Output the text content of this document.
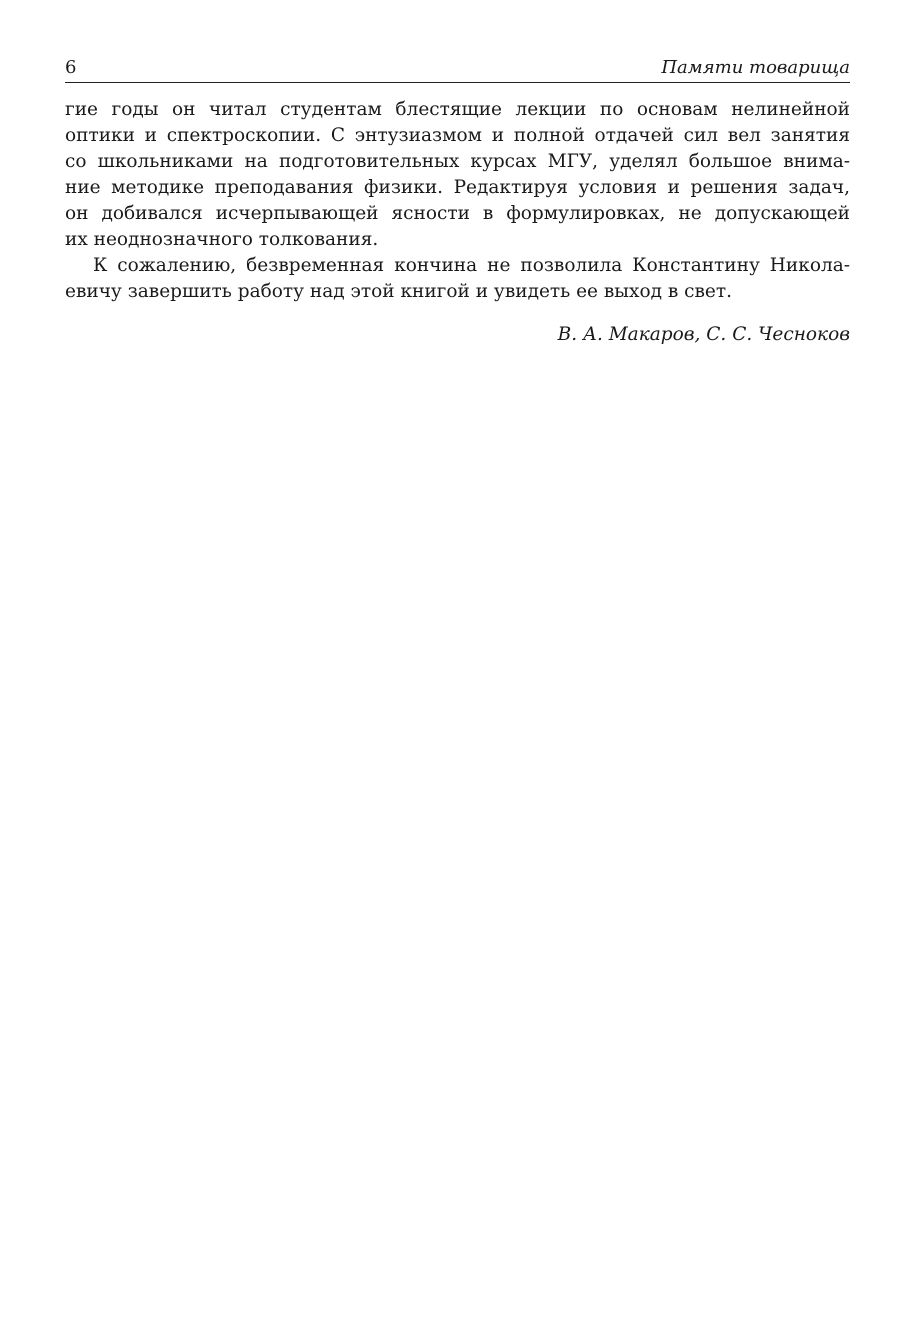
6	Памяти товарища
гие годы он читал студентам блестящие лекции по основам нелинейной
оптики и спектроскопии. С энтузиазмом и полной отдачей сил вел занятия
со школьниками на подготовительных курсах МГУ, уделял большое внима-
ние методике преподавания физики. Редактируя условия и решения задач,
он добивался исчерпывающей ясности в формулировках, не допускающей
их неоднозначного толкования.
К сожалению, безвременная кончина не позволила Константину Никола-
евичу завершить работу над этой книгой и увидеть ее выход в свет.
В. А. Макаров, С. С. Чесноков
